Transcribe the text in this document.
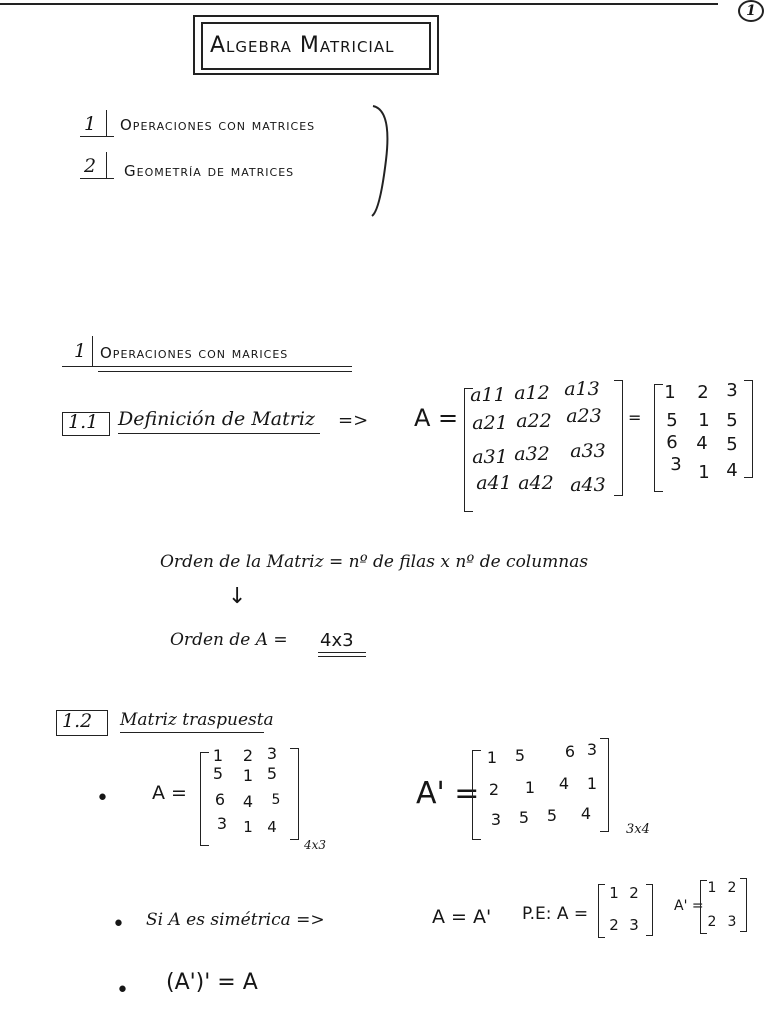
1
Algebra Matricial
1 Operaciones con matrices
2 Geometría de matrices
1 Operaciones con marices
1.1 Definición de Matriz => A =
a11 a12 a13
a21 a22 a23
a31 a32 a33
a41 a42 a43
=
1	2 3
5	1 5
6	4	5
3 1 4
Orden de la Matriz = nº de filas x nº de columnas
↓
Orden de A = 4x3
1.2 Matriz traspuesta
• A =
1	2 3
5	1 5
6	4	5
3	1 4
4x3
A' =
1	5	6 3
2	1	4	1
3	5	5	4
3x4
• Si A es simétrica =>	A = A' P.E: A =
1 2
2 3
A' =
1 2
2 3
• (A')' = A
